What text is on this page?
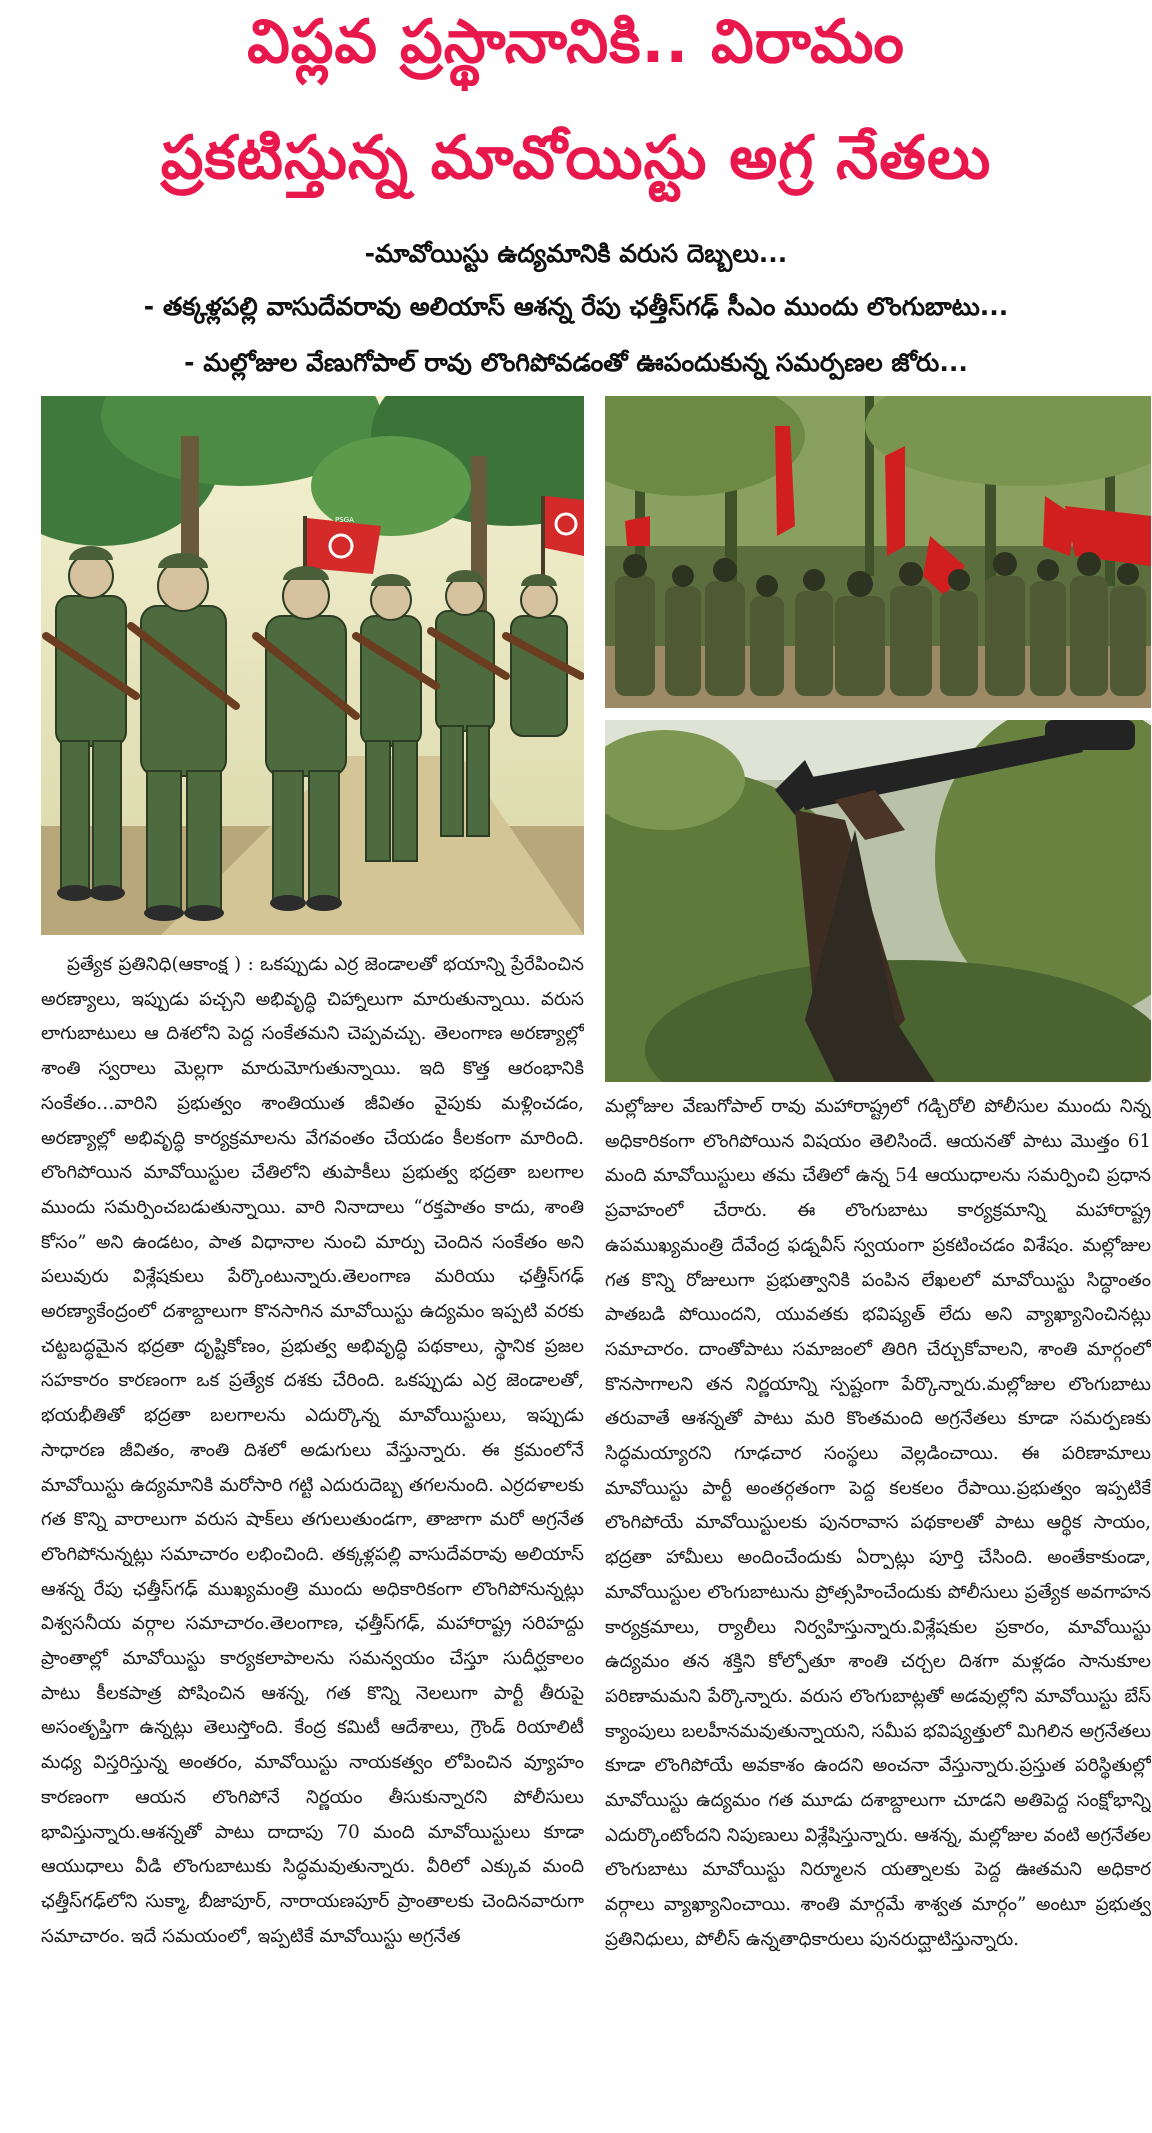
విప్లవ ప్రస్థానానికి.. విరామం
ప్రకటిస్తున్న మావోయిస్టు అగ్ర నేతలు
-మావోయిస్టు ఉద్యమానికి వరుస దెబ్బలు...
- తక్కళ్లపల్లి వాసుదేవరావు అలియాస్ ఆశన్న రేపు ఛత్తీస్‌గఢ్ సీఎం ముందు లొంగుబాటు...
- మల్లోజుల వేణుగోపాల్ రావు లొంగిపోవడంతో ఊపందుకున్న సమర్పణల జోరు...
PSGA
ప్రత్యేక ప్రతినిధి(ఆకాంక్ష ) : ఒకప్పుడు ఎర్ర జెండాలతో భయాన్ని ప్రేరేపించిన అరణ్యాలు, ఇప్పుడు పచ్చని అభివృద్ధి చిహ్నాలుగా మారుతున్నాయి. వరుస లాగుబాటులు ఆ దిశలోని పెద్ద సంకేతమని చెప్పవచ్చు. తెలంగాణ అరణ్యాల్లో శాంతి స్వరాలు మెల్లగా మారుమోగుతున్నాయి. ఇది కొత్త ఆరంభానికి సంకేతం…వారిని ప్రభుత్వం శాంతియుత జీవితం వైపుకు మళ్లించడం, అరణ్యాల్లో అభివృద్ధి కార్యక్రమాలను వేగవంతం చేయడం కీలకంగా మారింది. లొంగిపోయిన మావోయిస్టుల చేతిలోని తుపాకీలు ప్రభుత్వ భద్రతా బలగాల ముందు సమర్పించబడుతున్నాయి. వారి నినాదాలు “రక్తపాతం కాదు, శాంతి కోసం” అని ఉండటం, పాత విధానాల నుంచి మార్పు చెందిన సంకేతం అని పలువురు విశ్లేషకులు పేర్కొంటున్నారు.తెలంగాణ మరియు ఛత్తీస్‌గఢ్ అరణ్యాకేంద్రంలో దశాబ్దాలుగా కొనసాగిన మావోయిస్టు ఉద్యమం ఇప్పటి వరకు చట్టబద్ధమైన భద్రతా దృష్టికోణం, ప్రభుత్వ అభివృద్ధి పథకాలు, స్థానిక ప్రజల సహకారం కారణంగా ఒక ప్రత్యేక దశకు చేరింది. ఒకప్పుడు ఎర్ర జెండాలతో, భయభీతితో భద్రతా బలగాలను ఎదుర్కొన్న మావోయిస్టులు, ఇప్పుడు సాధారణ జీవితం, శాంతి దిశలో అడుగులు వేస్తున్నారు. ఈ క్రమంలోనే మావోయిస్టు ఉద్యమానికి మరోసారి గట్టి ఎదురుదెబ్బ తగలనుంది. ఎర్రదళాలకు గత కొన్ని వారాలుగా వరుస షాక్‌లు తగులుతుండగా, తాజాగా మరో అగ్రనేత లొంగిపోనున్నట్లు సమాచారం లభించింది. తక్కళ్లపల్లి వాసుదేవరావు అలియాస్ ఆశన్న రేపు ఛత్తీస్‌గఢ్ ముఖ్యమంత్రి ముందు అధికారికంగా లొంగిపోనున్నట్లు విశ్వసనీయ వర్గాల సమాచారం.తెలంగాణ, ఛత్తీస్‌గఢ్, మహారాష్ట్ర సరిహద్దు ప్రాంతాల్లో మావోయిస్టు కార్యకలాపాలను సమన్వయం చేస్తూ సుదీర్ఘకాలం పాటు కీలకపాత్ర పోషించిన ఆశన్న, గత కొన్ని నెలలుగా పార్టీ తీరుపై అసంతృప్తిగా ఉన్నట్లు తెలుస్తోంది. కేంద్ర కమిటీ ఆదేశాలు, గ్రౌండ్ రియాలిటీ మధ్య విస్తరిస్తున్న అంతరం, మావోయిస్టు నాయకత్వం లోపించిన వ్యూహం కారణంగా ఆయన లొంగిపోనే నిర్ణయం తీసుకున్నారని పోలీసులు భావిస్తున్నారు.ఆశన్నతో పాటు దాదాపు 70 మంది మావోయిస్టులు కూడా ఆయుధాలు వీడి లొంగుబాటుకు సిద్ధమవుతున్నారు. వీరిలో ఎక్కువ మంది ఛత్తీస్‌గఢ్‌లోని సుక్మా, బీజాపూర్, నారాయణపూర్ ప్రాంతాలకు చెందినవారుగా సమాచారం. ఇదే సమయంలో, ఇప్పటికే మావోయిస్టు అగ్రనేత
మల్లోజుల వేణుగోపాల్ రావు మహారాష్ట్రలో గడ్చిరోలి పోలీసుల ముందు నిన్న అధికారికంగా లొంగిపోయిన విషయం తెలిసిందే. ఆయనతో పాటు మొత్తం 61 మంది మావోయిస్టులు తమ చేతిలో ఉన్న 54 ఆయుధాలను సమర్పించి ప్రధాన ప్రవాహంలో చేరారు. ఈ లొంగుబాటు కార్యక్రమాన్ని మహారాష్ట్ర ఉపముఖ్యమంత్రి దేవేంద్ర ఫడ్నవీస్ స్వయంగా ప్రకటించడం విశేషం. మల్లోజుల గత కొన్ని రోజులుగా ప్రభుత్వానికి పంపిన లేఖలలో మావోయిస్టు సిద్ధాంతం పాతబడి పోయిందని, యువతకు భవిష్యత్ లేదు అని వ్యాఖ్యానించినట్లు సమాచారం. దాంతోపాటు సమాజంలో తిరిగి చేర్చుకోవాలని, శాంతి మార్గంలో కొనసాగాలని తన నిర్ణయాన్ని స్పష్టంగా పేర్కొన్నారు.మల్లోజుల లొంగుబాటు తరువాతే ఆశన్నతో పాటు మరి కొంతమంది అగ్రనేతలు కూడా సమర్పణకు సిద్ధమయ్యారని గూఢచార సంస్థలు వెల్లడించాయి. ఈ పరిణామాలు మావోయిస్టు పార్టీ అంతర్గతంగా పెద్ద కలకలం రేపాయి.ప్రభుత్వం ఇప్పటికే లొంగిపోయే మావోయిస్టులకు పునరావాస పథకాలతో పాటు ఆర్థిక సాయం, భద్రతా హామీలు అందించేందుకు ఏర్పాట్లు పూర్తి చేసింది. అంతేకాకుండా, మావోయిస్టుల లొంగుబాటును ప్రోత్సహించేందుకు పోలీసులు ప్రత్యేక అవగాహన కార్యక్రమాలు, ర్యాలీలు నిర్వహిస్తున్నారు.విశ్లేషకుల ప్రకారం, మావోయిస్టు ఉద్యమం తన శక్తిని కోల్పోతూ శాంతి చర్చల దిశగా మళ్లడం సానుకూల పరిణామమని పేర్కొన్నారు. వరుస లొంగుబాట్లతో అడవుల్లోని మావోయిస్టు బేస్ క్యాంపులు బలహీనమవుతున్నాయని, సమీప భవిష్యత్తులో మిగిలిన అగ్రనేతలు కూడా లొంగిపోయే అవకాశం ఉందని అంచనా వేస్తున్నారు.ప్రస్తుత పరిస్థితుల్లో మావోయిస్టు ఉద్యమం గత మూడు దశాబ్దాలుగా చూడని అతిపెద్ద సంక్షోభాన్ని ఎదుర్కొంటోందని నిపుణులు విశ్లేషిస్తున్నారు. ఆశన్న, మల్లోజుల వంటి అగ్రనేతల లొంగుబాటు మావోయిస్టు నిర్మూలన యత్నాలకు పెద్ద ఊతమని అధికార వర్గాలు వ్యాఖ్యానించాయి. శాంతి మార్గమే శాశ్వత మార్గం” అంటూ ప్రభుత్వ ప్రతినిధులు, పోలీస్ ఉన్నతాధికారులు పునరుద్ఘాటిస్తున్నారు.
